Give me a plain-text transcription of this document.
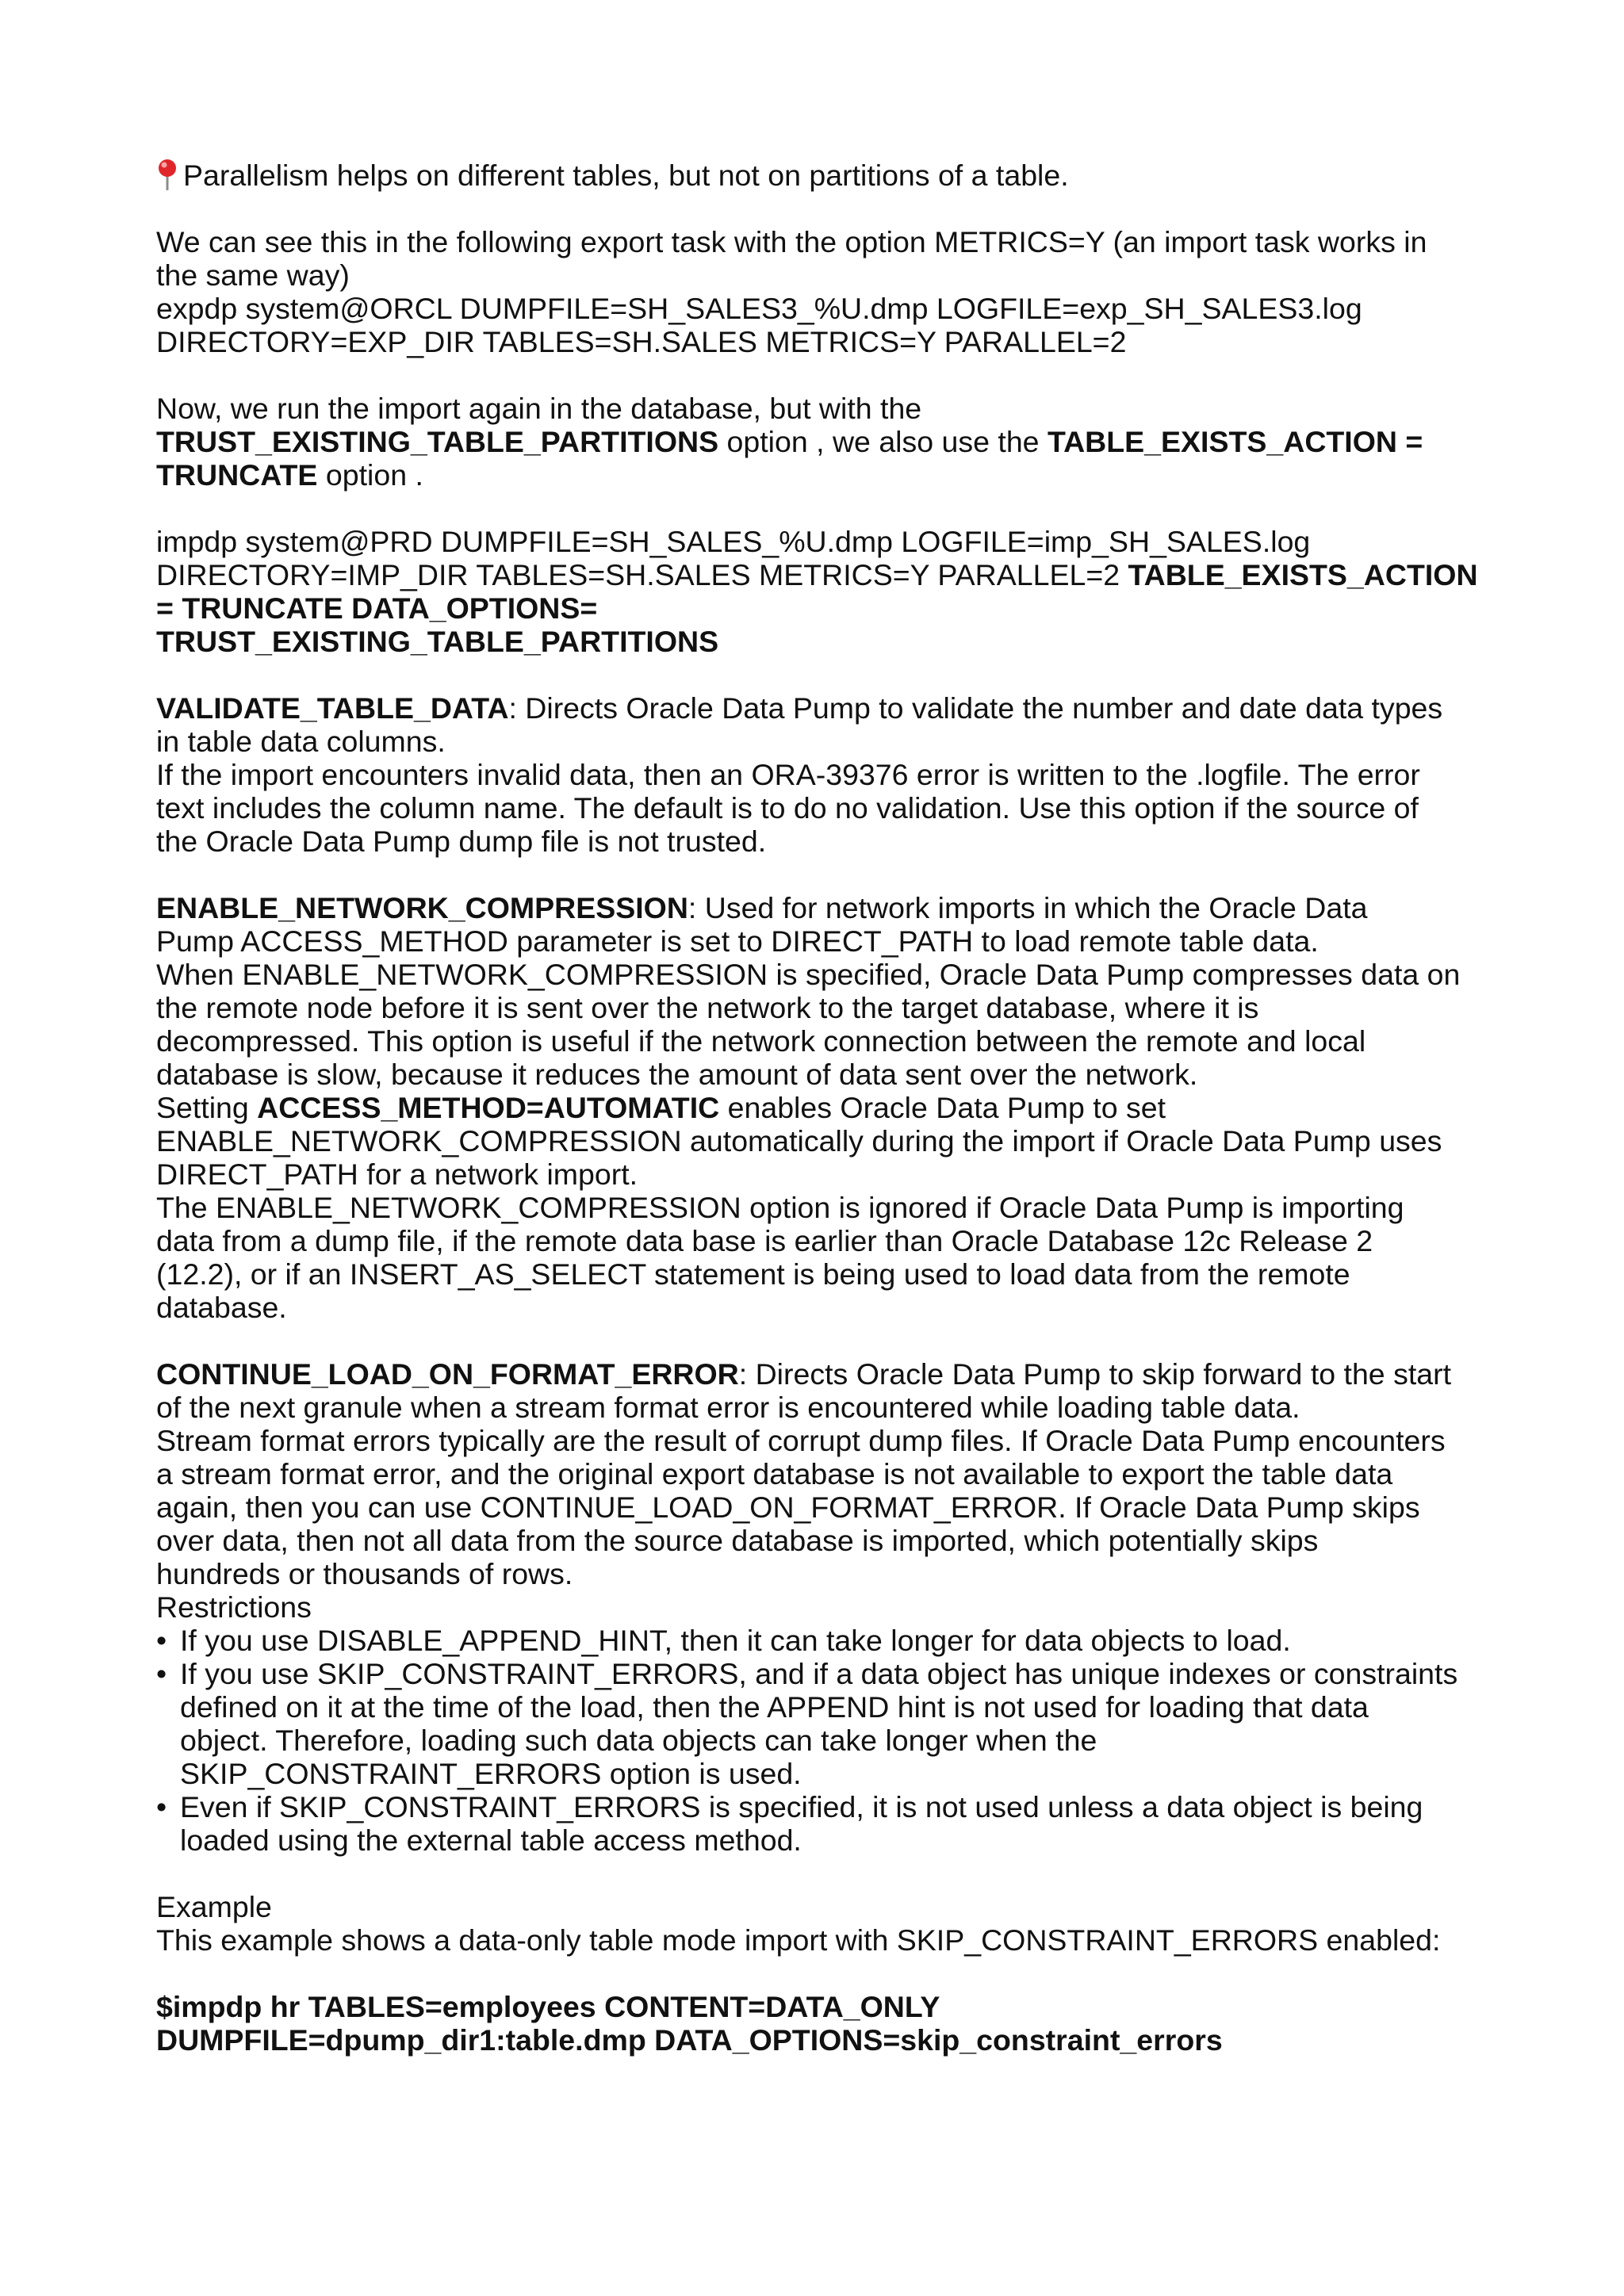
Parallelism helps on different tables, but not on partitions of a table.
We can see this in the following export task with the option METRICS=Y (an import task works in
the same way)
expdp system@ORCL DUMPFILE=SH_SALES3_%U.dmp LOGFILE=exp_SH_SALES3.log
DIRECTORY=EXP_DIR TABLES=SH.SALES METRICS=Y PARALLEL=2
Now, we run the import again in the database, but with the
TRUST_EXISTING_TABLE_PARTITIONS option , we also use the TABLE_EXISTS_ACTION =
TRUNCATE option .
impdp system@PRD DUMPFILE=SH_SALES_%U.dmp LOGFILE=imp_SH_SALES.log
DIRECTORY=IMP_DIR TABLES=SH.SALES METRICS=Y PARALLEL=2 TABLE_EXISTS_ACTION
= TRUNCATE DATA_OPTIONS=
TRUST_EXISTING_TABLE_PARTITIONS
VALIDATE_TABLE_DATA: Directs Oracle Data Pump to validate the number and date data types
in table data columns.
If the import encounters invalid data, then an ORA-39376 error is written to the .logfile. The error
text includes the column name. The default is to do no validation. Use this option if the source of
the Oracle Data Pump dump file is not trusted.
ENABLE_NETWORK_COMPRESSION: Used for network imports in which the Oracle Data
Pump ACCESS_METHOD parameter is set to DIRECT_PATH to load remote table data.
When ENABLE_NETWORK_COMPRESSION is specified, Oracle Data Pump compresses data on
the remote node before it is sent over the network to the target database, where it is
decompressed. This option is useful if the network connection between the remote and local
database is slow, because it reduces the amount of data sent over the network.
Setting ACCESS_METHOD=AUTOMATIC enables Oracle Data Pump to set
ENABLE_NETWORK_COMPRESSION automatically during the import if Oracle Data Pump uses
DIRECT_PATH for a network import.
The ENABLE_NETWORK_COMPRESSION option is ignored if Oracle Data Pump is importing
data from a dump file, if the remote data base is earlier than Oracle Database 12c Release 2
(12.2), or if an INSERT_AS_SELECT statement is being used to load data from the remote
database.
CONTINUE_LOAD_ON_FORMAT_ERROR: Directs Oracle Data Pump to skip forward to the start
of the next granule when a stream format error is encountered while loading table data.
Stream format errors typically are the result of corrupt dump files. If Oracle Data Pump encounters
a stream format error, and the original export database is not available to export the table data
again, then you can use CONTINUE_LOAD_ON_FORMAT_ERROR. If Oracle Data Pump skips
over data, then not all data from the source database is imported, which potentially skips
hundreds or thousands of rows.
Restrictions
• If you use DISABLE_APPEND_HINT, then it can take longer for data objects to load.
• If you use SKIP_CONSTRAINT_ERRORS, and if a data object has unique indexes or constraints
defined on it at the time of the load, then the APPEND hint is not used for loading that data
object. Therefore, loading such data objects can take longer when the
SKIP_CONSTRAINT_ERRORS option is used.
• Even if SKIP_CONSTRAINT_ERRORS is specified, it is not used unless a data object is being
loaded using the external table access method.
Example
This example shows a data-only table mode import with SKIP_CONSTRAINT_ERRORS enabled:
$impdp hr TABLES=employees CONTENT=DATA_ONLY
DUMPFILE=dpump_dir1:table.dmp DATA_OPTIONS=skip_constraint_errors
